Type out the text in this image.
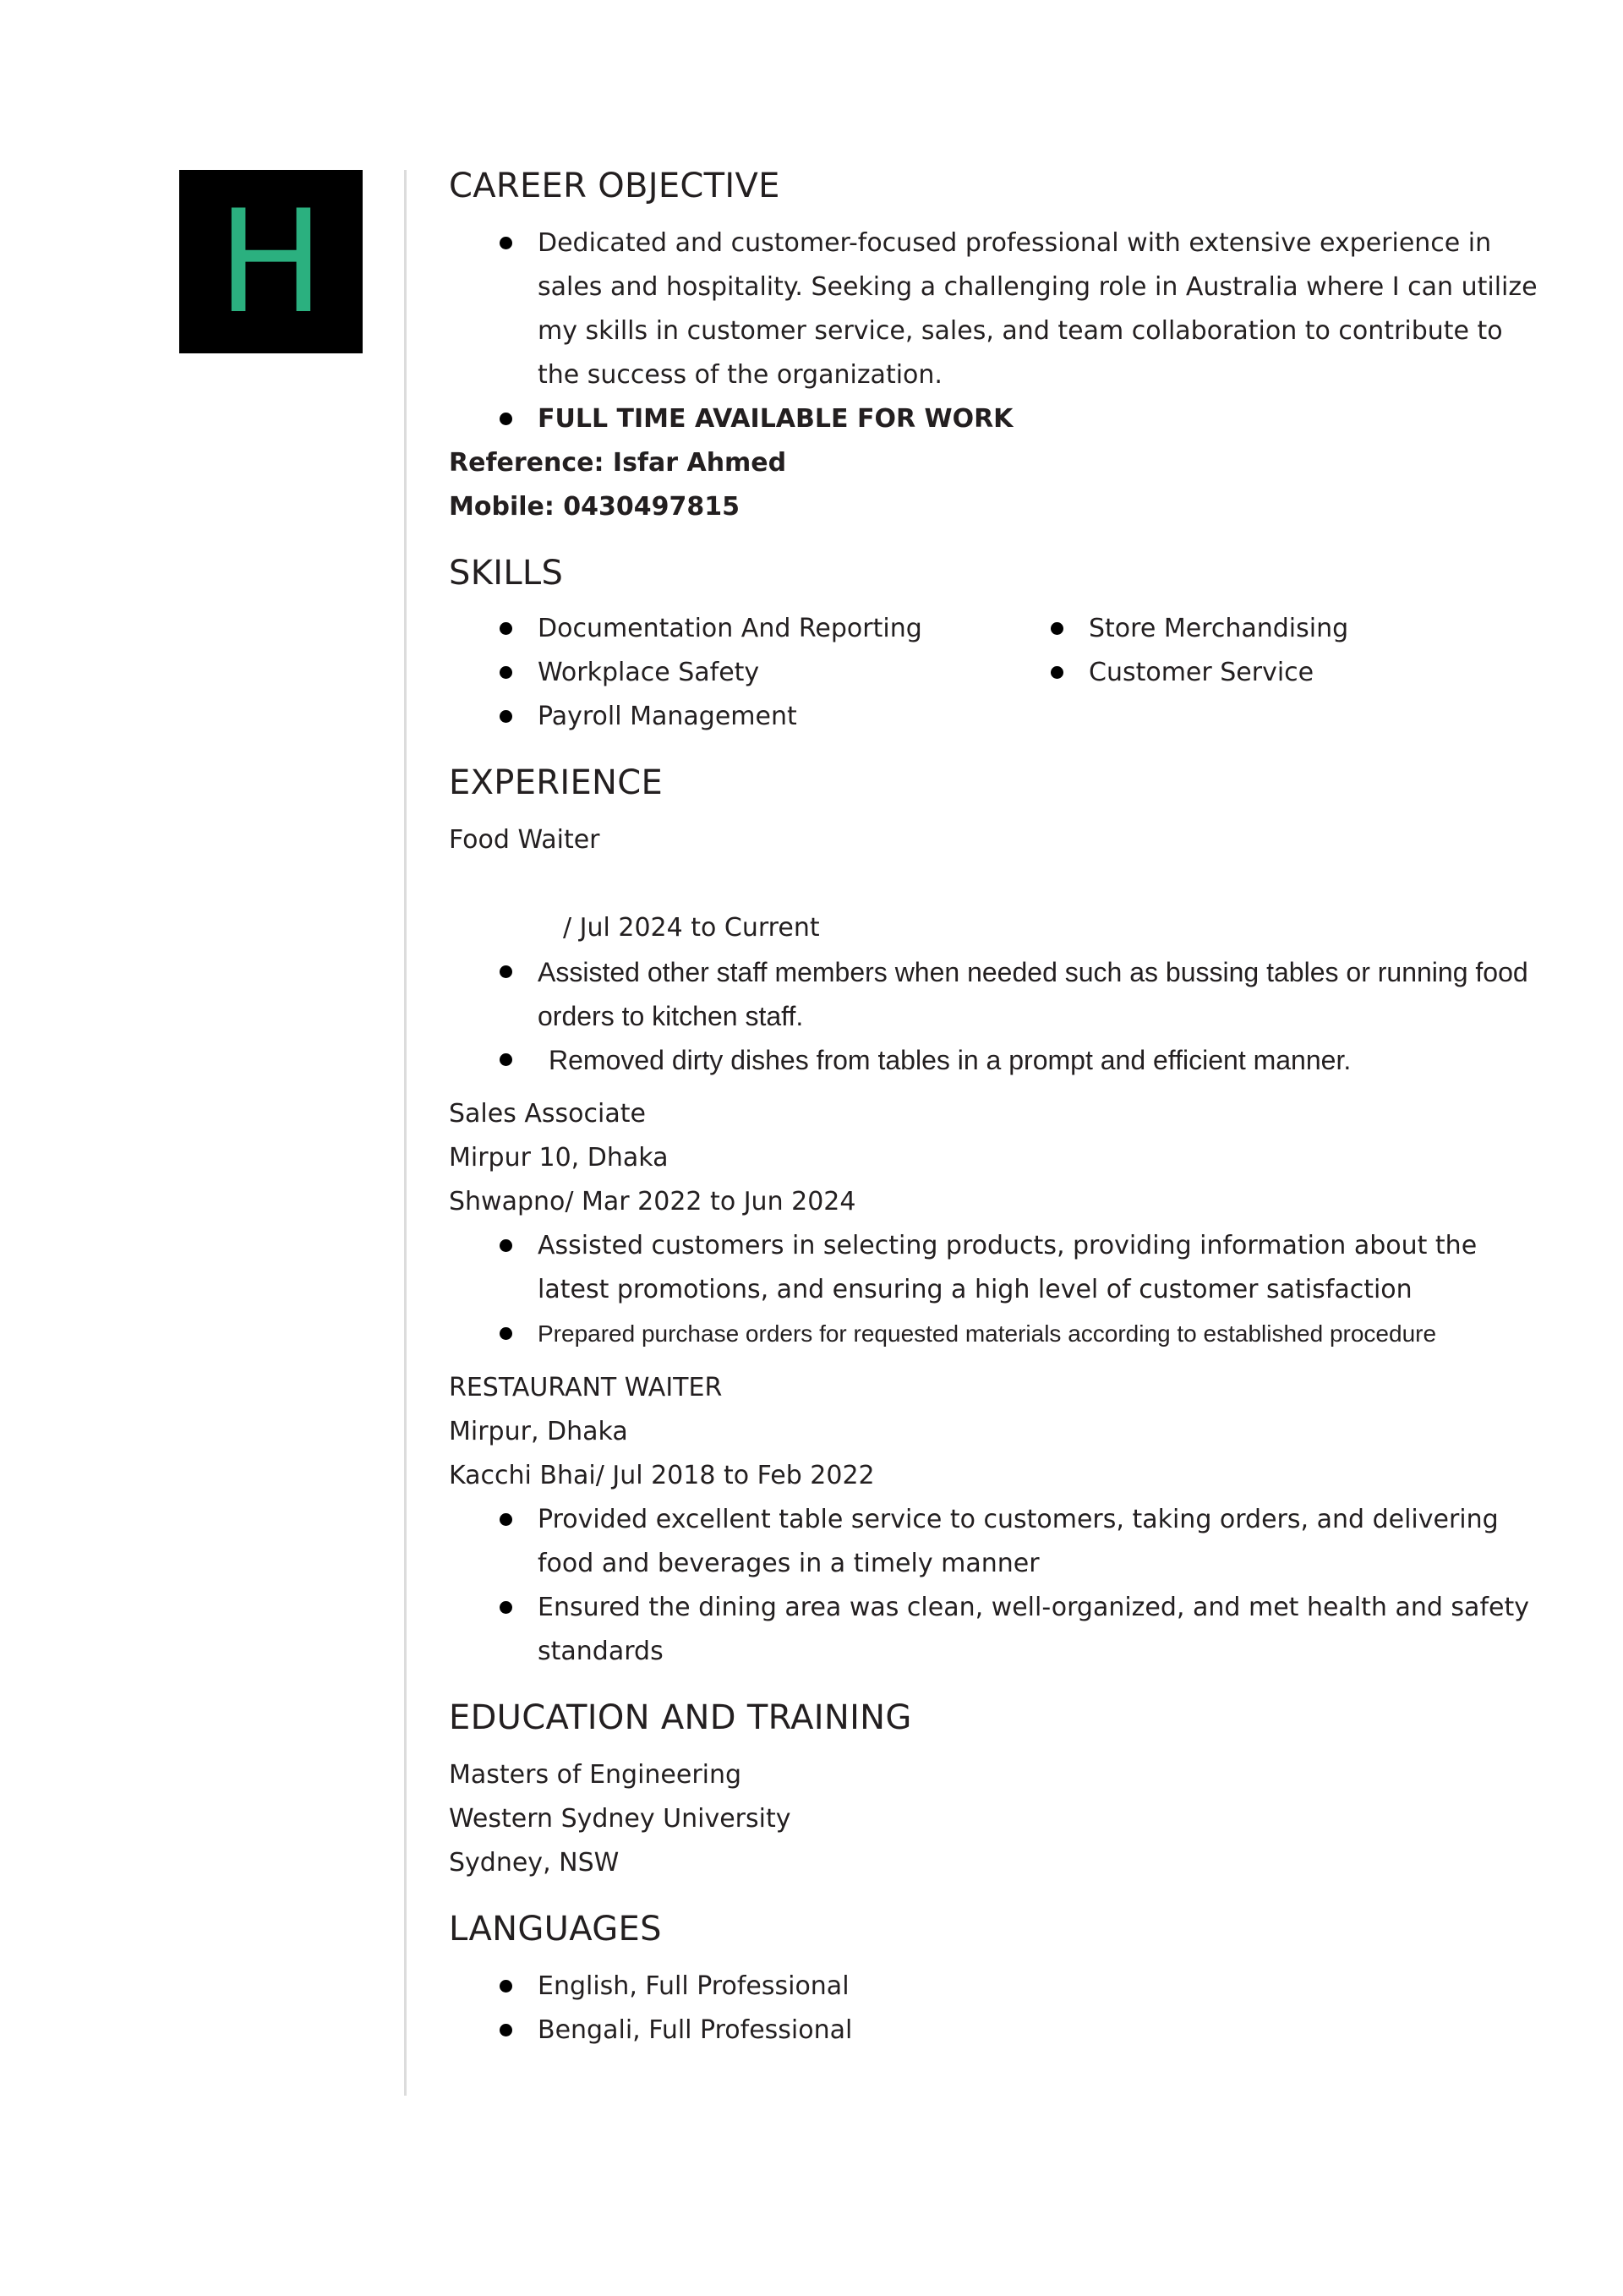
H	CAREER OBJECTIVE
Dedicated and customer-focused professional with extensive experience in sales and hospitality. Seeking a challenging role in Australia where I can utilize my skills in customer service, sales, and team collaboration to contribute to the success of the organization.
FULL TIME AVAILABLE FOR WORK
Reference: Isfar Ahmed
Mobile: 0430497815
SKILLS
Documentation And Reporting
Workplace Safety
Payroll Management
Store Merchandising
Customer Service
EXPERIENCE
Food Waiter
/ Jul 2024 to Current
Assisted other staff members when needed such as bussing tables or running food orders to kitchen staff.
Removed dirty dishes from tables in a prompt and efficient manner.
Sales Associate
Mirpur 10, Dhaka
Shwapno/ Mar 2022 to Jun 2024
Assisted customers in selecting products, providing information about the latest promotions, and ensuring a high level of customer satisfaction
Prepared purchase orders for requested materials according to established procedure
RESTAURANT WAITER
Mirpur, Dhaka
Kacchi Bhai/ Jul 2018 to Feb 2022
Provided excellent table service to customers, taking orders, and delivering food and beverages in a timely manner
Ensured the dining area was clean, well-organized, and met health and safety standards
EDUCATION AND TRAINING
Masters of Engineering
Western Sydney University
Sydney, NSW
LANGUAGES
English, Full Professional
Bengali, Full Professional
